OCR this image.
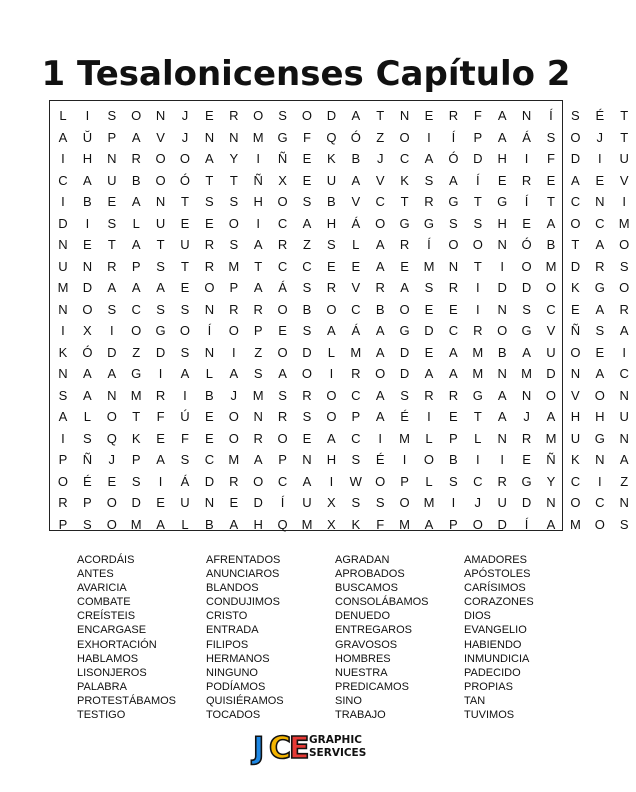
1 Tesalonicenses Capítulo 2
L	I	S	O	N	J	E	R	O	S	O	D	A	T	N	E	R	F	A	N	Í	S	É	T
A	Ŭ	P	A	V	J	N	N	M	G	F	Q	Ó	Z	O	I	Í	P	A	Á	S	O	J	T
I	H	N	R	O	O	A	Y	I	Ñ	E	K	B	J	C	A	Ó	D	H	I	F	D	I	U
C	A	U	B	O	Ó	T	T	Ñ	X	E	U	A	V	K	S	A	Í	E	R	E	A	E	V
I	B	E	A	N	T	S	S	H	O	S	B	V	C	T	R	G	T	G	Í	T	C	N	I
D	I	S	L	U	E	E	O	I	C	A	H	Á	O	G	G	S	S	H	E	A	O	C	M
N	E	T	A	T	U	R	S	A	R	Z	S	L	A	R	Í	O	O	N	Ó	B	T	A	O
U	N	R	P	S	T	R	M	T	C	C	E	E	A	E	M	N	T	I	O	M	D	R	S
M	D	A	A	A	E	O	P	A	Á	S	R	V	R	A	S	R	I	D	D	O	K	G	O
N	O	S	C	S	S	N	R	R	O	B	O	C	B	O	E	E	I	N	S	C	E	A	R
I	X	I	O	G	O	Í	O	P	E	S	A	Á	A	G	D	C	R	O	G	V	Ñ	S	A
K	Ó	D	Z	D	S	N	I	Z	O	D	L	M	A	D	E	A	M	B	A	U	O	E	I
N	A	A	G	I	A	L	A	S	A	O	I	R	O	D	A	A	M	N	M	D	N	A	C
S	A	N	M	R	I	B	J	M	S	R	O	C	A	S	R	R	G	A	N	O	V	O	N
A	L	O	T	F	Ú	E	O	N	R	S	O	P	A	É	I	E	T	A	J	A	H	H	U
I	S	Q	K	E	F	E	O	R	O	E	A	C	I	M	L	P	L	N	R	M	U	G	N
P	Ñ	J	P	A	S	C	M	A	P	N	H	S	É	I	O	B	I	I	E	Ñ	K	N	A
O	É	E	S	I	Á	D	R	O	C	A	I	W	O	P	L	S	C	R	G	Y	C	I	Z
R	P	O	D	E	U	N	E	D	Í	U	X	S	S	O	M	I	J	U	D	N	O	C	N
P	S	O	M	A	L	B	A	H	Q	M	X	K	F	M	A	P	O	D	Í	A	M	O	S
ACORDÁIS
ANTES
AVARICIA
COMBATE
CREÍSTEIS
ENCARGASE
EXHORTACIÓN
HABLAMOS
LISONJEROS
PALABRA
PROTESTÁBAMOS
TESTIGO
AFRENTADOS
ANUNCIAROS
BLANDOS
CONDUJIMOS
CRISTO
ENTRADA
FILIPOS
HERMANOS
NINGUNO
PODÍAMOS
QUISIÉRAMOS
TOCADOS
AGRADAN
APROBADOS
BUSCAMOS
CONSOLÁBAMOS
DENUEDO
ENTREGAROS
GRAVOSOS
HOMBRES
NUESTRA
PREDICAMOS
SINO
TRABAJO
AMADORES
APÓSTOLES
CARÍSIMOS
CORAZONES
DIOS
EVANGELIO
HABIENDO
INMUNDICIA
PADECIDO
PROPIAS
TAN
TUVIMOS
J C
E GRAPHIC
SERVICES
